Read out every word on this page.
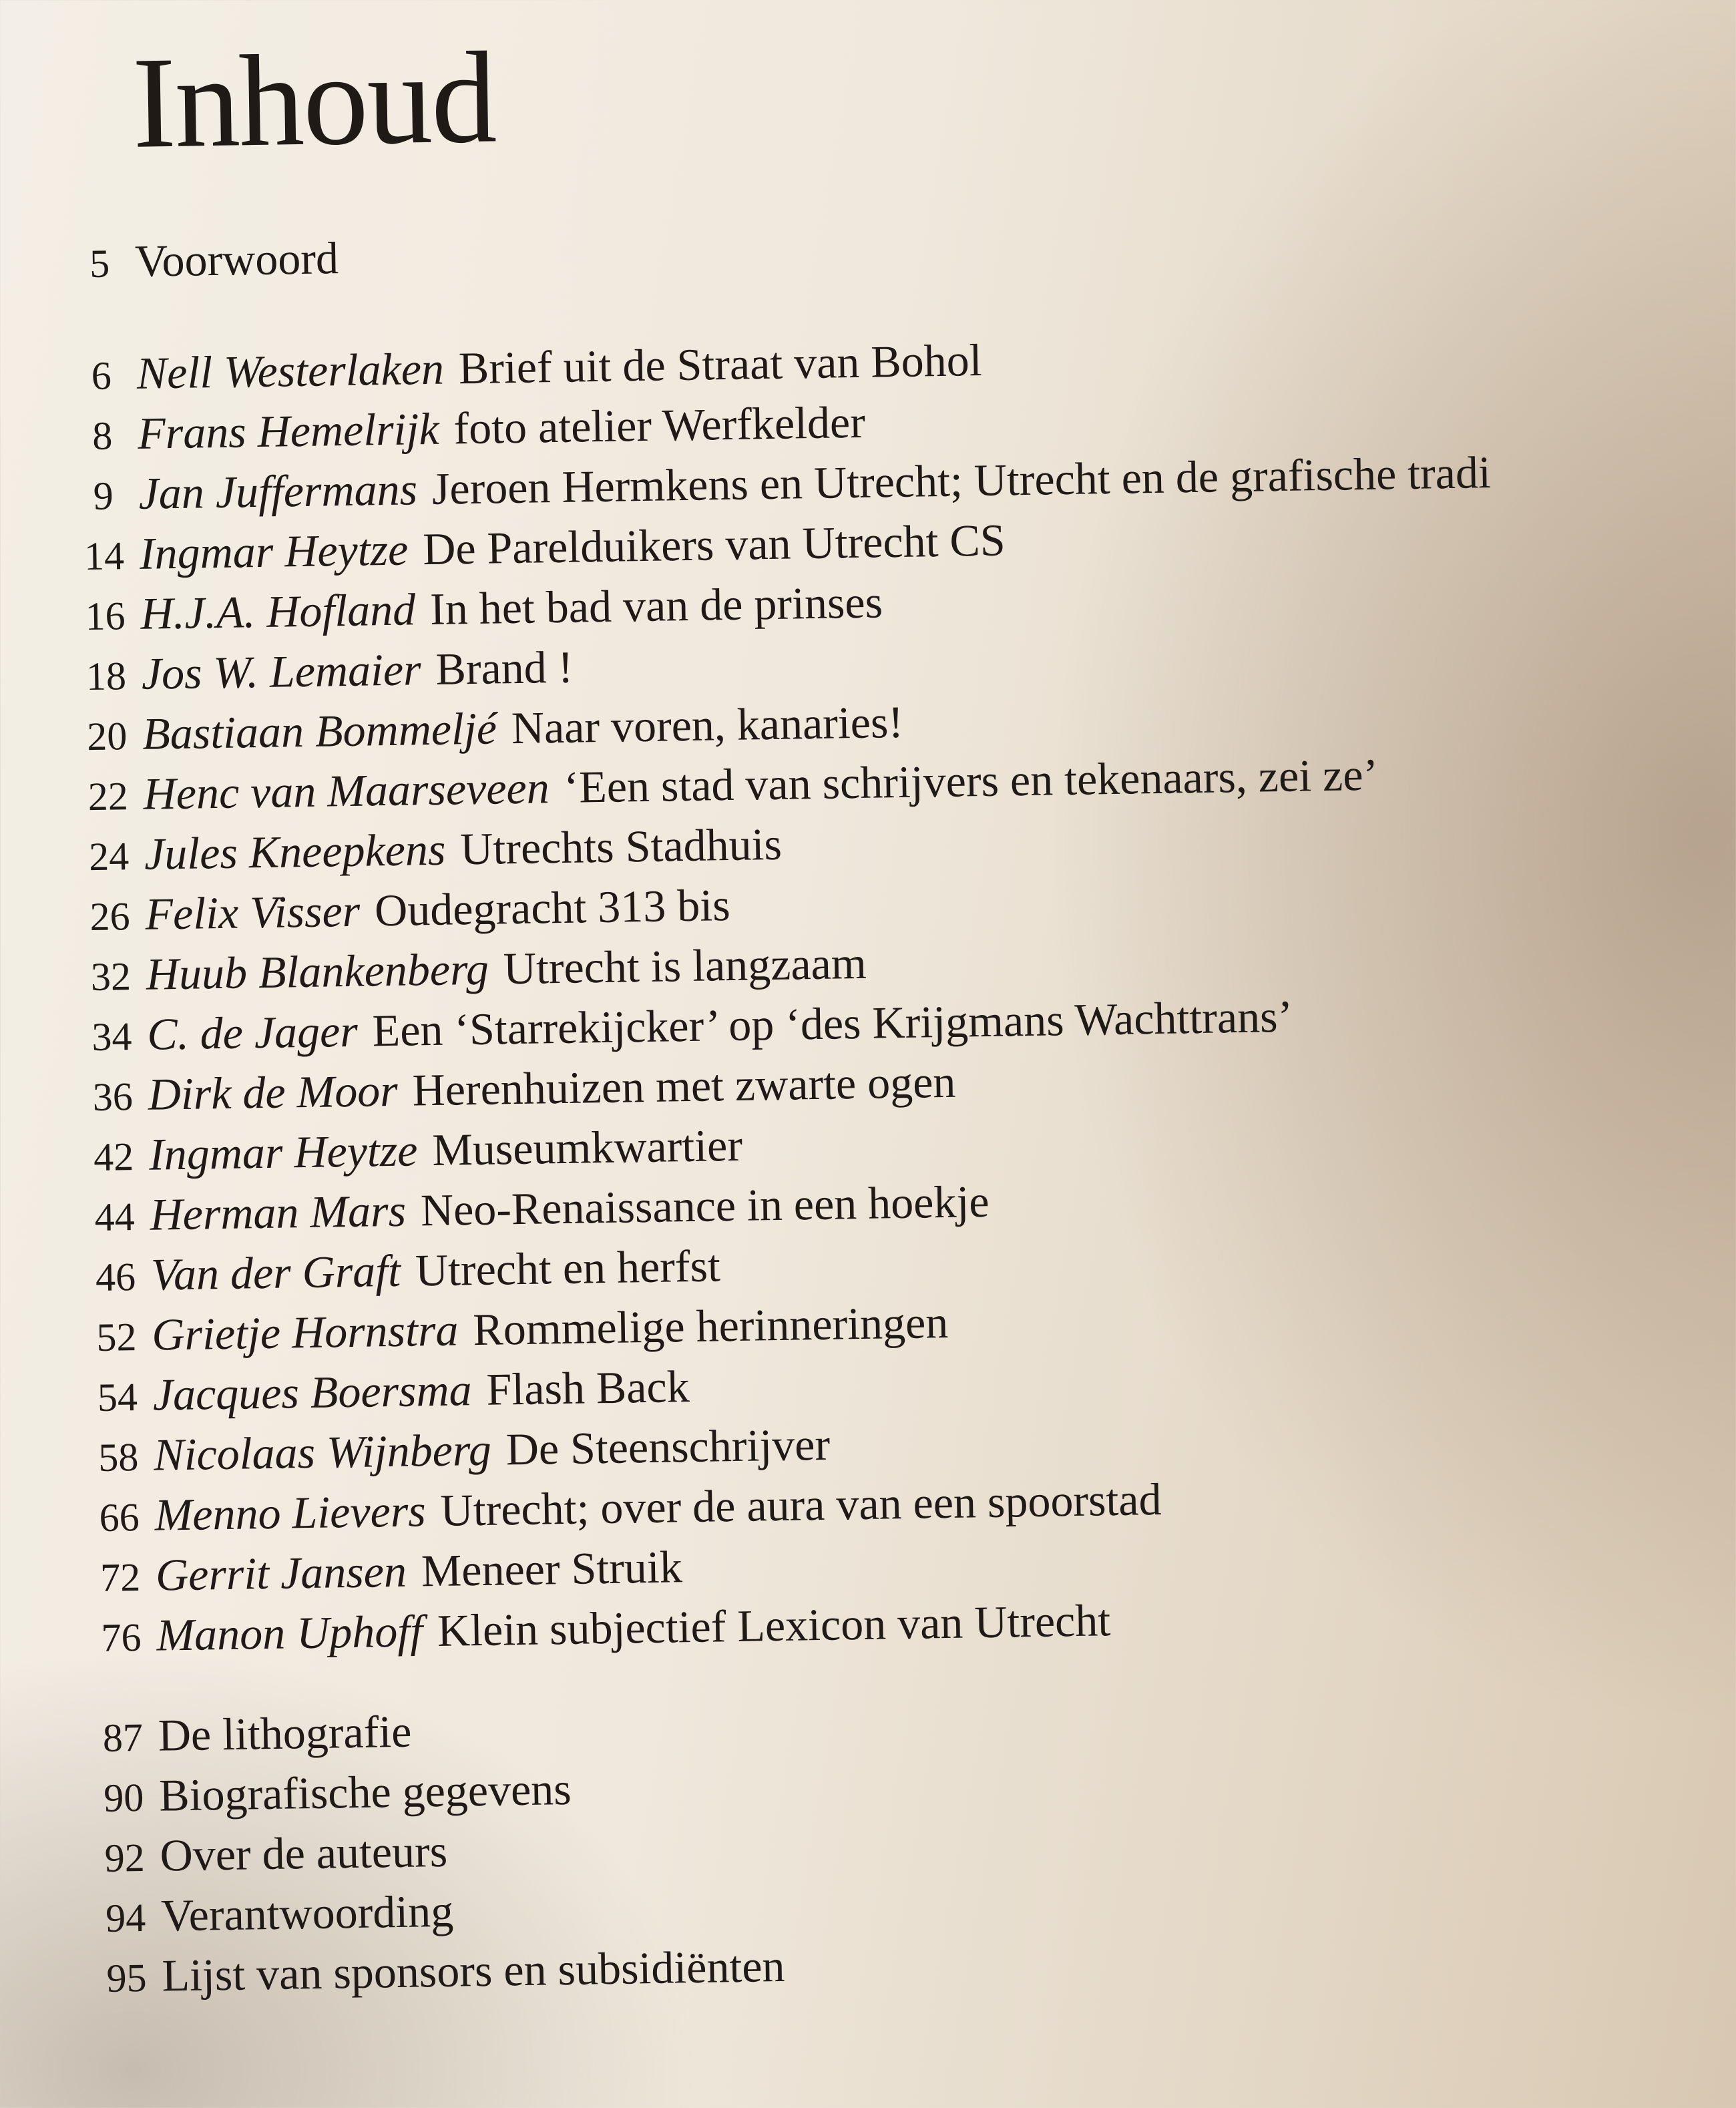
Inhoud
5 Voorwoord
6 Nell Westerlaken Brief uit de Straat van Bohol
8 Frans Hemelrijk foto atelier Werfkelder
9 Jan Juffermans Jeroen Hermkens en Utrecht; Utrecht en de grafische tradi
14 Ingmar Heytze De Parelduikers van Utrecht CS
16 H.J.A. Hofland In het bad van de prinses
18 Jos W. Lemaier Brand !
20 Bastiaan Bommeljé Naar voren, kanaries!
22 Henc van Maarseveen ‘Een stad van schrijvers en tekenaars, zei ze’
24 Jules Kneepkens Utrechts Stadhuis
26 Felix Visser Oudegracht 313 bis
32 Huub Blankenberg Utrecht is langzaam
34 C. de Jager Een ‘Starrekijcker’ op ‘des Krijgmans Wachttrans’
36 Dirk de Moor Herenhuizen met zwarte ogen
42 Ingmar Heytze Museumkwartier
44 Herman Mars Neo-Renaissance in een hoekje
46 Van der Graft Utrecht en herfst
52 Grietje Hornstra Rommelige herinneringen
54 Jacques Boersma Flash Back
58 Nicolaas Wijnberg De Steenschrijver
66 Menno Lievers Utrecht; over de aura van een spoorstad
72 Gerrit Jansen Meneer Struik
76 Manon Uphoff Klein subjectief Lexicon van Utrecht
87 De lithografie
90 Biografische gegevens
92 Over de auteurs
94 Verantwoording
95 Lijst van sponsors en subsidiënten
